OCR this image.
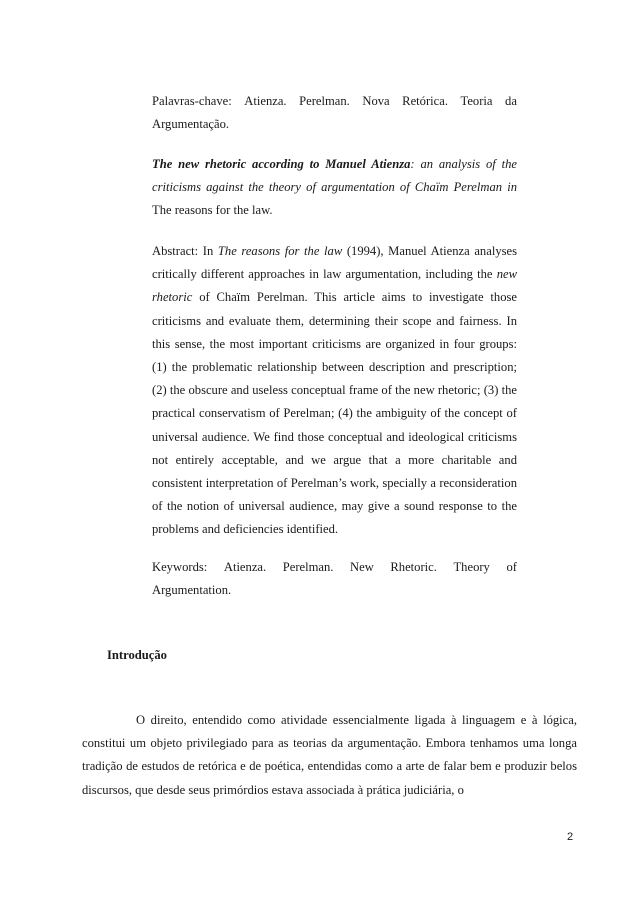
Palavras-chave: Atienza. Perelman. Nova Retórica. Teoria da
Argumentação.

The new rhetoric according to Manuel Atienza: an analysis of the criticisms against the theory of argumentation of Chaïm Perelman in The reasons for the law.

Abstract: In The reasons for the law (1994), Manuel Atienza analyses critically different approaches in law argumentation, including the new rhetoric of Chaïm Perelman. This article aims to investigate those criticisms and evaluate them, determining their scope and fairness. In this sense, the most important criticisms are organized in four groups: (1) the problematic relationship between description and prescription; (2) the obscure and useless conceptual frame of the new rhetoric; (3) the practical conservatism of Perelman; (4) the ambiguity of the concept of universal audience. We find those conceptual and ideological criticisms not entirely acceptable, and we argue that a more charitable and consistent interpretation of Perelman’s work, specially a reconsideration of the notion of universal audience, may give a sound response to the problems and deficiencies identified.

Keywords: Atienza. Perelman. New Rhetoric. Theory of
Argumentation.
Introdução

O direito, entendido como atividade essencialmente ligada à linguagem e à lógica, constitui um objeto privilegiado para as teorias da argumentação. Embora tenhamos uma longa tradição de estudos de retórica e de poética, entendidas como a arte de falar bem e produzir belos discursos, que desde seus primórdios estava associada à prática judiciária, o

2
